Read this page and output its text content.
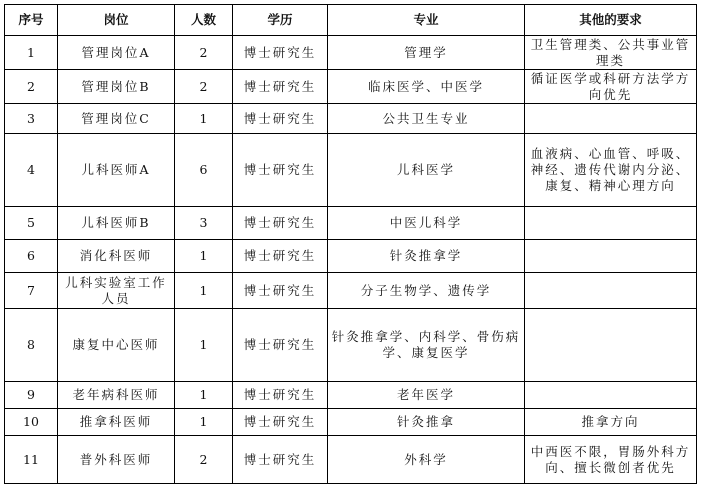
序号	岗位	人数	学历	专业	其他的要求
1	管理岗位A	2	博士研究生	管理学	卫生管理类、公共事业管理类
2	管理岗位B	2	博士研究生	临床医学、中医学	循证医学或科研方法学方向优先
3	管理岗位C	1	博士研究生	公共卫生专业	
4	儿科医师A	6	博士研究生	儿科医学	血液病、心血管、呼吸、神经、遗传代谢内分泌、康复、精神心理方向
5	儿科医师B	3	博士研究生	中医儿科学	
6	消化科医师	1	博士研究生	针灸推拿学	
7	儿科实验室工作人员	1	博士研究生	分子生物学、遗传学	
8	康复中心医师	1	博士研究生	针灸推拿学、内科学、骨伤病学、康复医学	
9	老年病科医师	1	博士研究生	老年医学	
10	推拿科医师	1	博士研究生	针灸推拿	推拿方向
11	普外科医师	2	博士研究生	外科学	中西医不限，胃肠外科方向、擅长微创者优先
